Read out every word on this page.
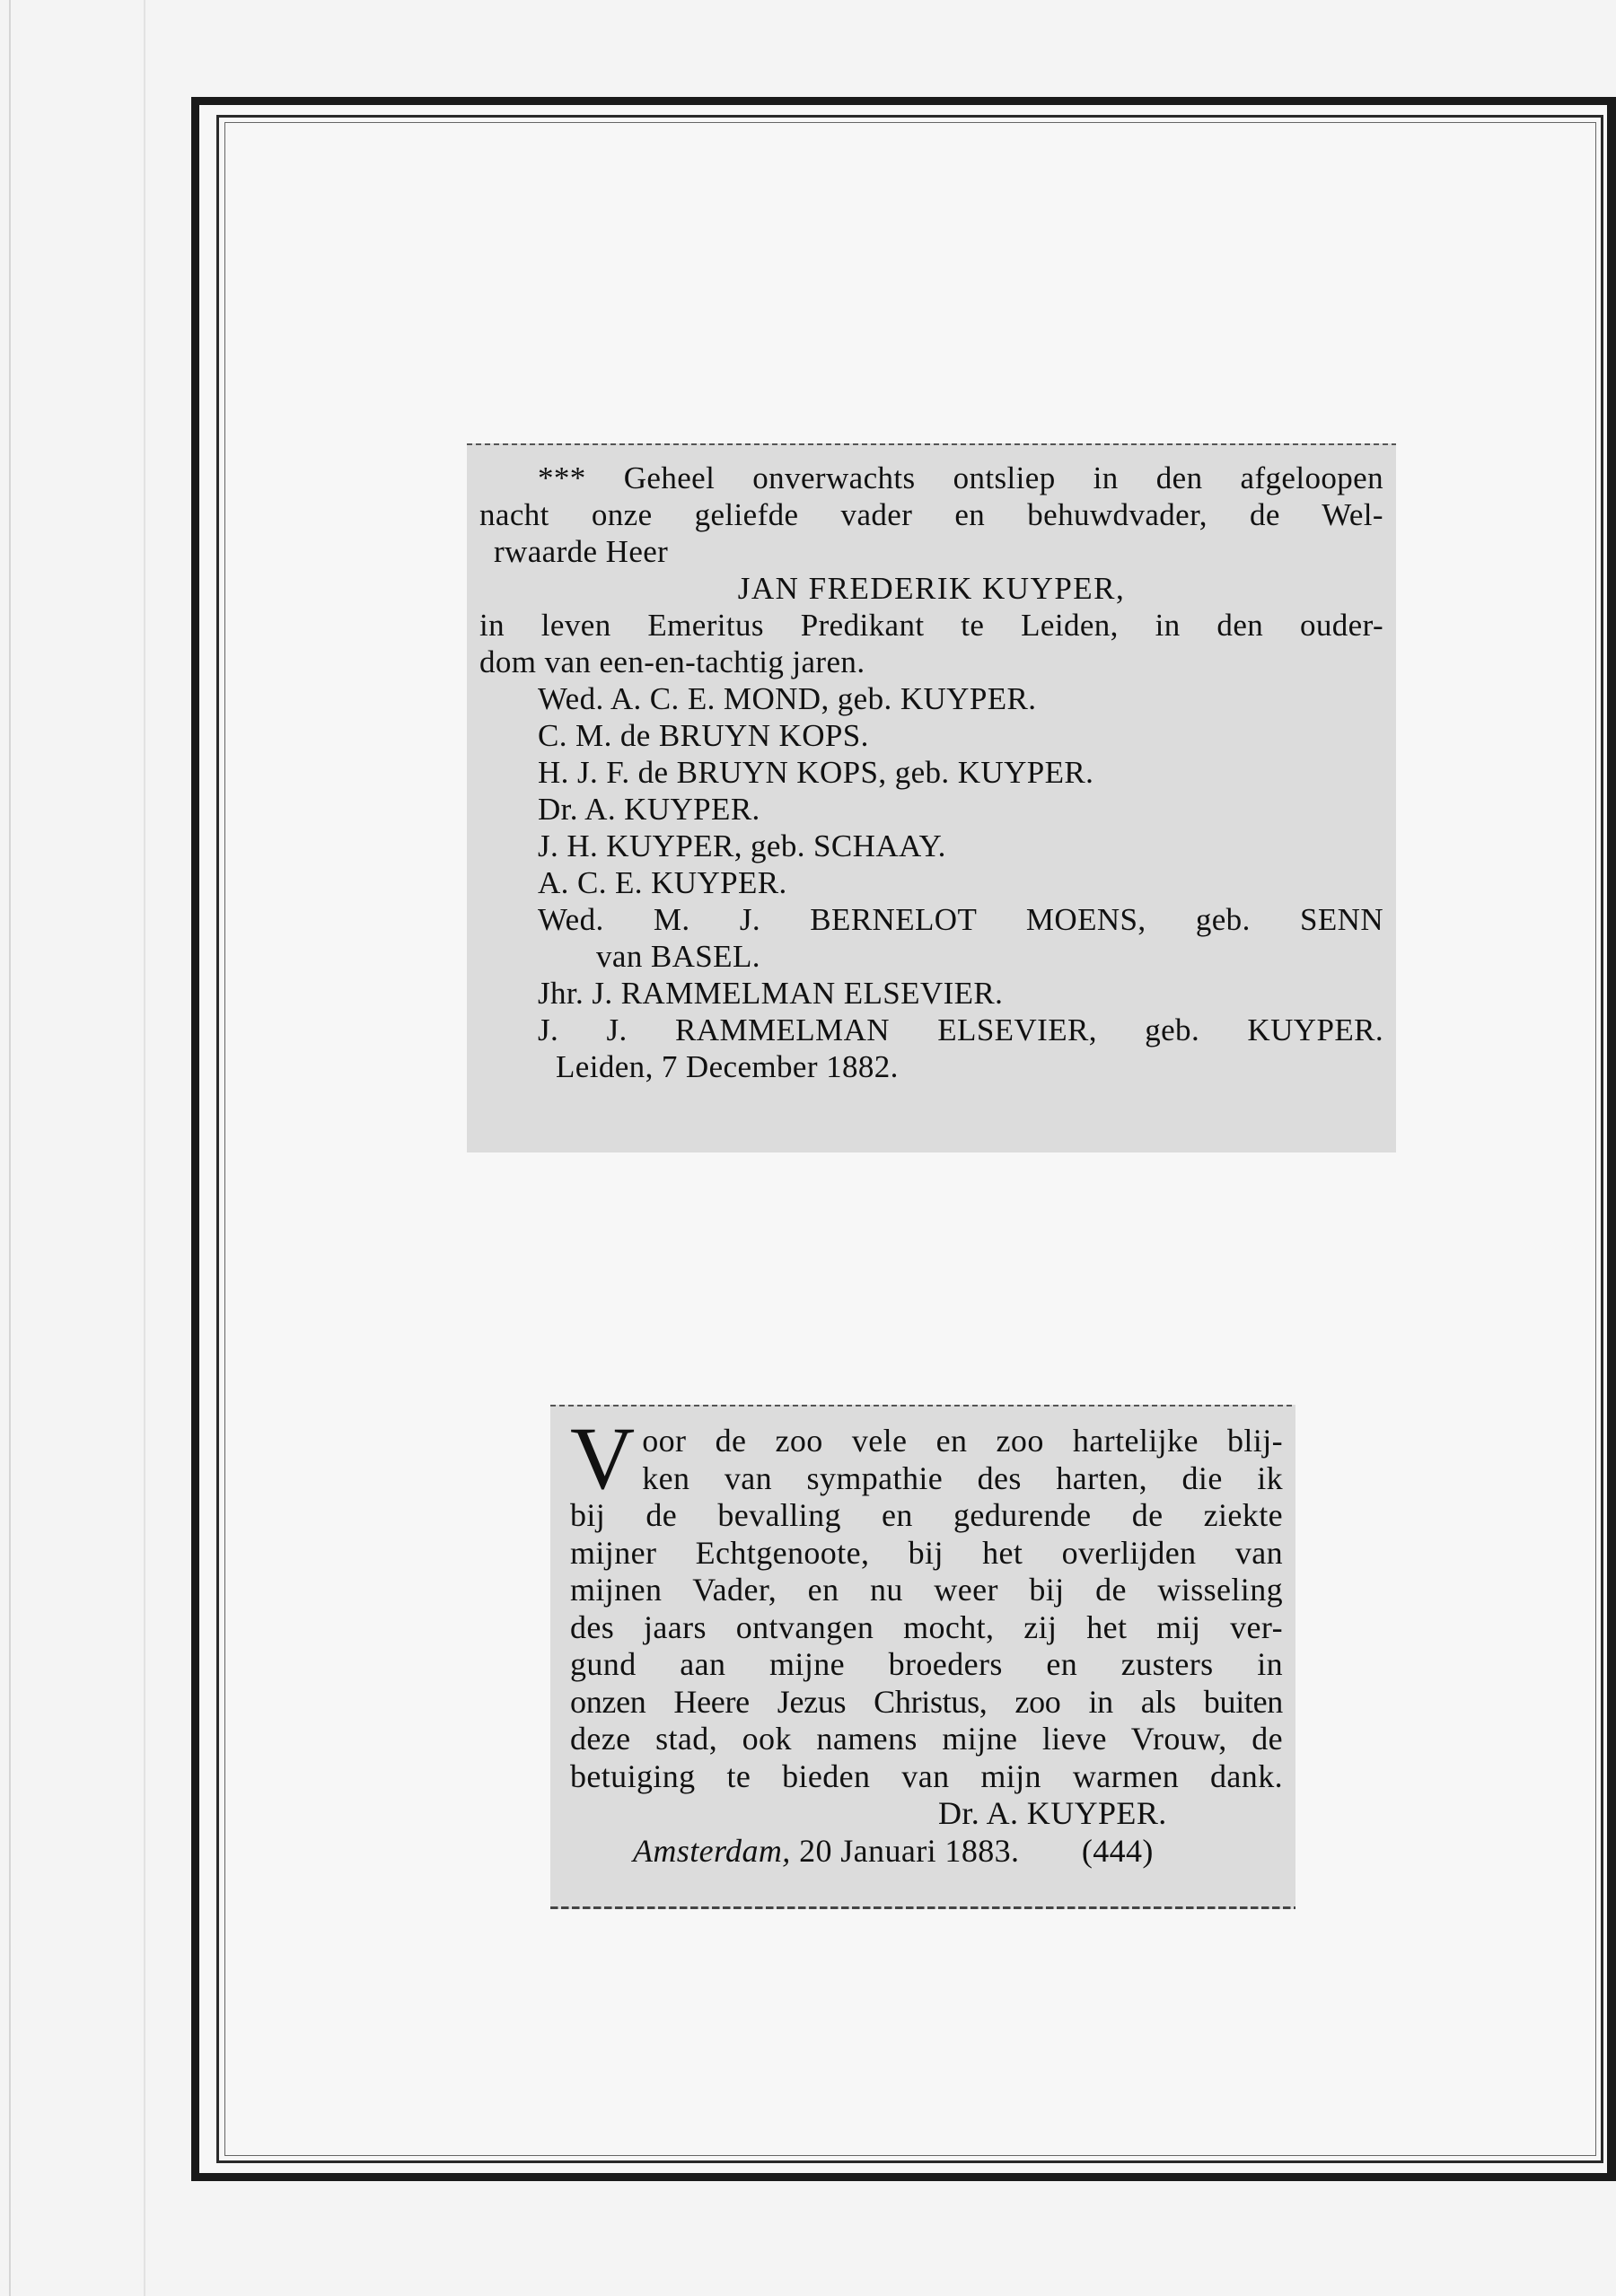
*** Geheel onverwachts ontsliep in den afgeloopen
nacht onze geliefde vader en behuwdvader, de Wel-
rwaarde Heer
JAN FREDERIK KUYPER,
in leven Emeritus Predikant te Leiden, in den ouder-
dom van een-en-tachtig jaren.
Wed. A. C. E. MOND, geb. KUYPER.
C. M. de BRUYN KOPS.
H. J. F. de BRUYN KOPS, geb. KUYPER.
Dr. A. KUYPER.
J. H. KUYPER, geb. SCHAAY.
A. C. E. KUYPER.
Wed. M. J. BERNELOT MOENS, geb. SENN
van BASEL.
Jhr. J. RAMMELMAN ELSEVIER.
J. J. RAMMELMAN ELSEVIER, geb. KUYPER.
Leiden, 7 December 1882.
V oor de zoo vele en zoo hartelijke blij-
ken van sympathie des harten, die ik
bij de bevalling en gedurende de ziekte
mijner Echtgenoote, bij het overlijden van
mijnen Vader, en nu weer bij de wisseling
des jaars ontvangen mocht, zij het mij ver-
gund aan mijne broeders en zusters in
onzen Heere Jezus Christus, zoo in als buiten
deze stad, ook namens mijne lieve Vrouw, de
betuiging te bieden van mijn warmen dank.
Dr. A. KUYPER.
Amsterdam, 20 Januari 1883. (444)
